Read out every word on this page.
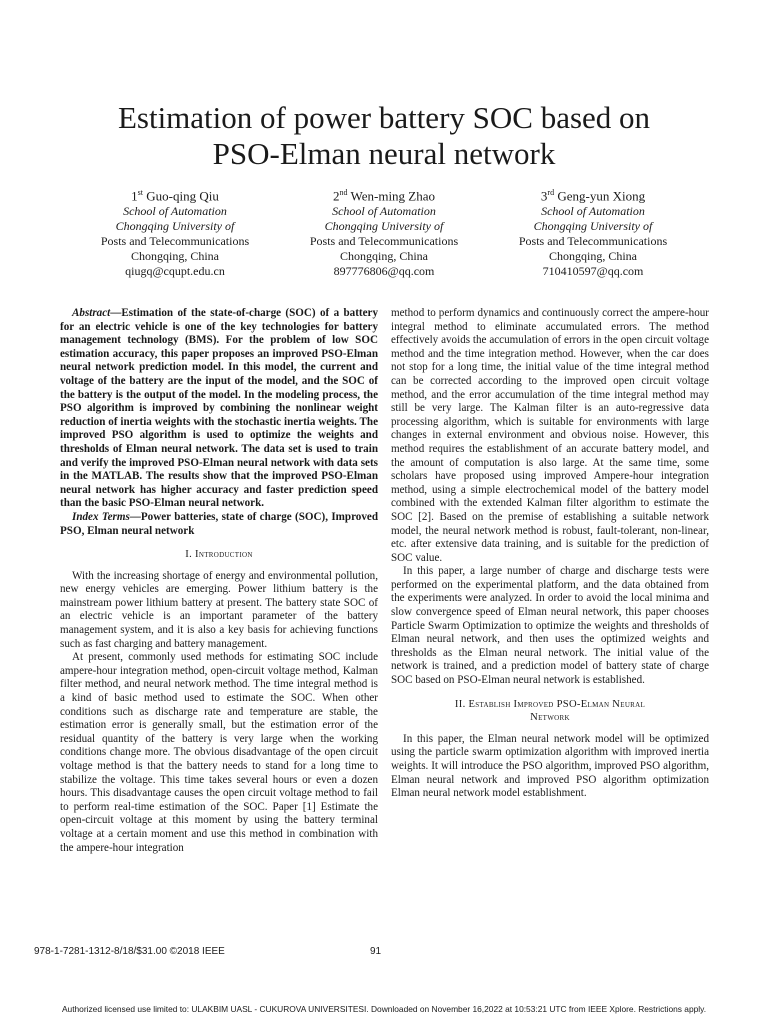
Estimation of power battery SOC based on
PSO-Elman neural network
1st Guo-qing Qiu
School of Automation
Chongqing University of
Posts and Telecommunications
Chongqing, China
qiugq@cqupt.edu.cn
2nd Wen-ming Zhao
School of Automation
Chongqing University of
Posts and Telecommunications
Chongqing, China
897776806@qq.com
3rd Geng-yun Xiong
School of Automation
Chongqing University of
Posts and Telecommunications
Chongqing, China
710410597@qq.com

Abstract—Estimation of the state-of-charge (SOC) of a battery for an electric vehicle is one of the key technologies for battery management technology (BMS). For the problem of low SOC estimation accuracy, this paper proposes an improved PSO-Elman neural network prediction model. In this model, the current and voltage of the battery are the input of the model, and the SOC of the battery is the output of the model. In the modeling process, the PSO algorithm is improved by combining the nonlinear weight reduction of inertia weights with the stochastic inertia weights. The improved PSO algorithm is used to optimize the weights and thresholds of Elman neural network. The data set is used to train and verify the improved PSO-Elman neural network with data sets in the MATLAB. The results show that the improved PSO-Elman neural network has higher accuracy and faster prediction speed than the basic PSO-Elman neural network.

Index Terms—Power batteries, state of charge (SOC), Improved PSO, Elman neural network

I. Introduction

With the increasing shortage of energy and environmental pollution, new energy vehicles are emerging. Power lithium battery is the mainstream power lithium battery at present. The battery state SOC of an electric vehicle is an important parameter of the battery management system, and it is also a key basis for achieving functions such as fast charging and battery management.

At present, commonly used methods for estimating SOC include ampere-hour integration method, open-circuit voltage method, Kalman filter method, and neural network method. The time integral method is a kind of basic method used to estimate the SOC. When other conditions such as discharge rate and temperature are stable, the estimation error is generally small, but the estimation error of the residual quantity of the battery is very large when the working conditions change more. The obvious disadvantage of the open circuit voltage method is that the battery needs to stand for a long time to stabilize the voltage. This time takes several hours or even a dozen hours. This disadvantage causes the open circuit voltage method to fail to perform real-time estimation of the SOC. Paper [1] Estimate the open-circuit voltage at this moment by using the battery terminal voltage at a certain moment and use this method in combination with the ampere-hour integration

method to perform dynamics and continuously correct the ampere-hour integral method to eliminate accumulated errors. The method effectively avoids the accumulation of errors in the open circuit voltage method and the time integration method. However, when the car does not stop for a long time, the initial value of the time integral method can be corrected according to the improved open circuit voltage method, and the error accumulation of the time integral method may still be very large. The Kalman filter is an auto-regressive data processing algorithm, which is suitable for environments with large changes in external environment and obvious noise. However, this method requires the establishment of an accurate battery model, and the amount of computation is also large. At the same time, some scholars have proposed using improved Ampere-hour integration method, using a simple electrochemical model of the battery model combined with the extended Kalman filter algorithm to estimate the SOC [2]. Based on the premise of establishing a suitable network model, the neural network method is robust, fault-tolerant, non-linear, etc. after extensive data training, and is suitable for the prediction of SOC value.

In this paper, a large number of charge and discharge tests were performed on the experimental platform, and the data obtained from the experiments were analyzed. In order to avoid the local minima and slow convergence speed of Elman neural network, this paper chooses Particle Swarm Optimization to optimize the weights and thresholds of Elman neural network, and then uses the optimized weights and thresholds as the Elman neural network. The initial value of the network is trained, and a prediction model of battery state of charge SOC based on PSO-Elman neural network is established.

II. Establish Improved PSO-Elman Neural
Network

In this paper, the Elman neural network model will be optimized using the particle swarm optimization algorithm with improved inertia weights. It will introduce the PSO algorithm, improved PSO algorithm, Elman neural network and improved PSO algorithm optimization Elman neural network model establishment.

978-1-7281-1312-8/18/$31.00 ©2018 IEEE	91
Authorized licensed use limited to: ULAKBIM UASL - CUKUROVA UNIVERSITESI. Downloaded on November 16,2022 at 10:53:21 UTC from IEEE Xplore. Restrictions apply.
